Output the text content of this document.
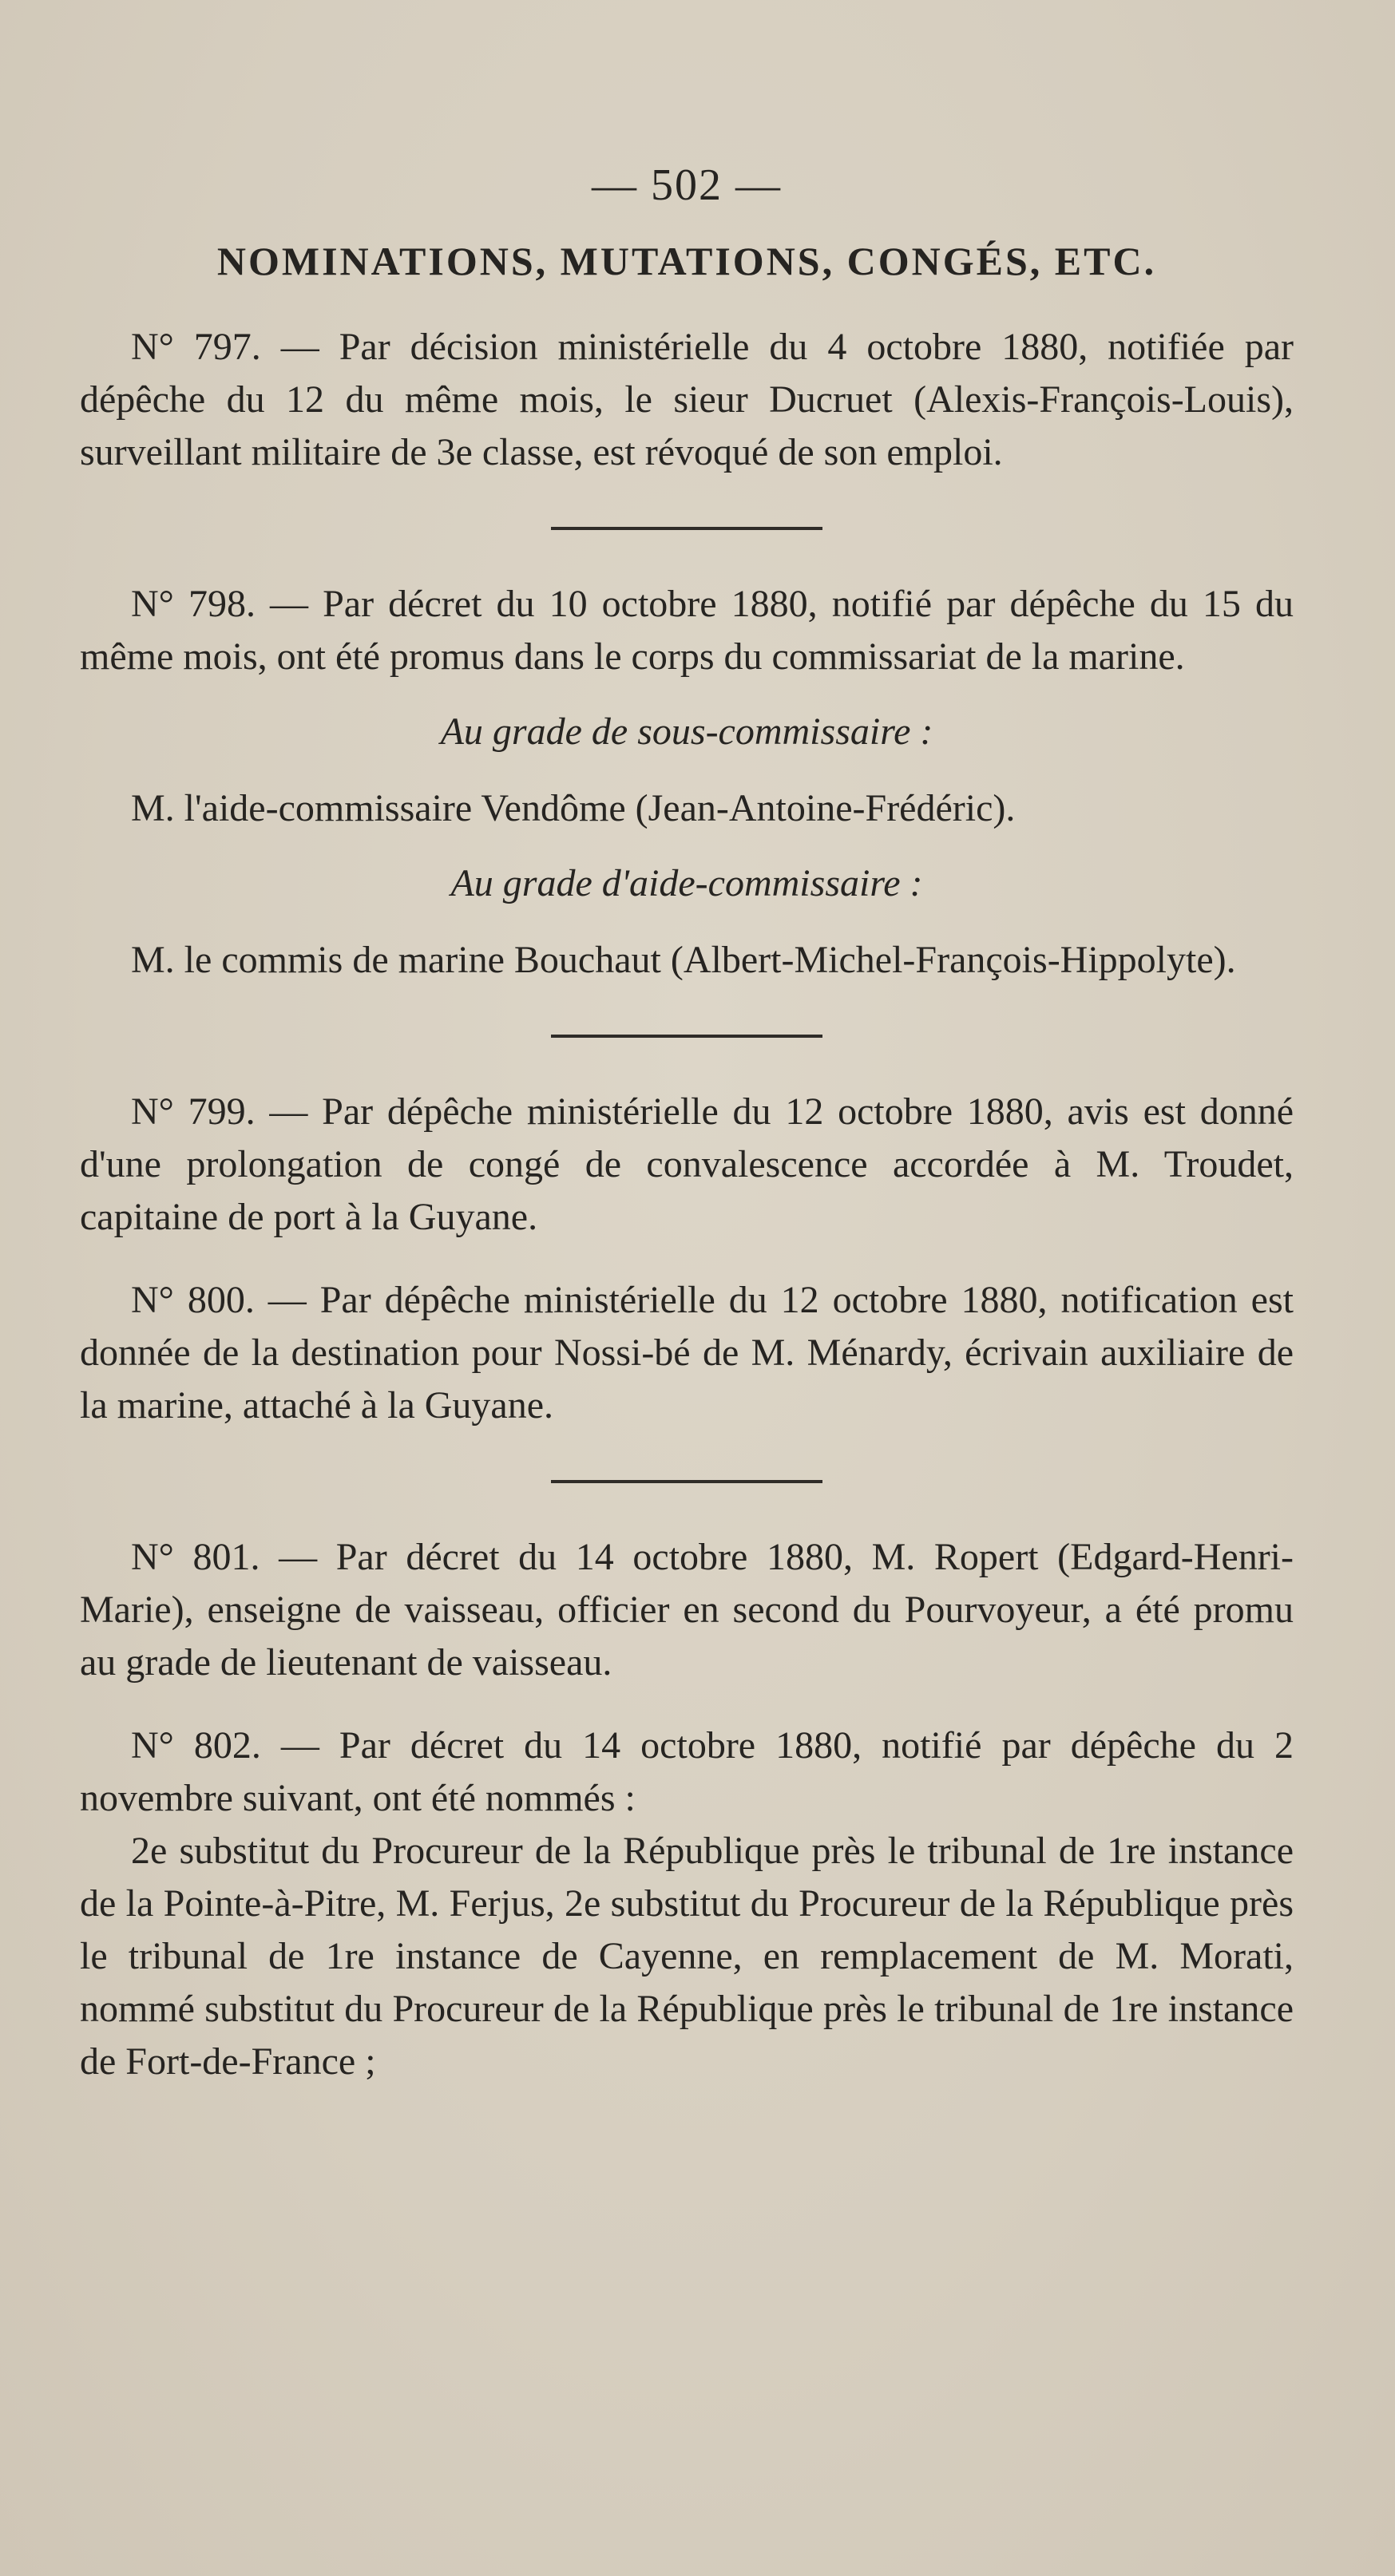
— 502 —
NOMINATIONS, MUTATIONS, CONGÉS, ETC.

N° 797. — Par décision ministérielle du 4 octobre 1880, notifiée par dépêche du 12 du même mois, le sieur Ducruet (Alexis-François-Louis), surveillant militaire de 3e classe, est révoqué de son emploi.

N° 798. — Par décret du 10 octobre 1880, notifié par dépêche du 15 du même mois, ont été promus dans le corps du commissariat de la marine.

Au grade de sous-commissaire :

M. l'aide-commissaire Vendôme (Jean-Antoine-Frédéric).

Au grade d'aide-commissaire :

M. le commis de marine Bouchaut (Albert-Michel-François-Hippolyte).

N° 799. — Par dépêche ministérielle du 12 octobre 1880, avis est donné d'une prolongation de congé de convalescence accordée à M. Troudet, capitaine de port à la Guyane.

N° 800. — Par dépêche ministérielle du 12 octobre 1880, notification est donnée de la destination pour Nossi-bé de M. Ménardy, écrivain auxiliaire de la marine, attaché à la Guyane.

N° 801. — Par décret du 14 octobre 1880, M. Ropert (Edgard-Henri-Marie), enseigne de vaisseau, officier en second du Pourvoyeur, a été promu au grade de lieutenant de vaisseau.

N° 802. — Par décret du 14 octobre 1880, notifié par dépêche du 2 novembre suivant, ont été nommés :

2e substitut du Procureur de la République près le tribunal de 1re instance de la Pointe-à-Pitre, M. Ferjus, 2e substitut du Procureur de la République près le tribunal de 1re instance de Cayenne, en remplacement de M. Morati, nommé substitut du Procureur de la République près le tribunal de 1re instance de Fort-de-France ;
